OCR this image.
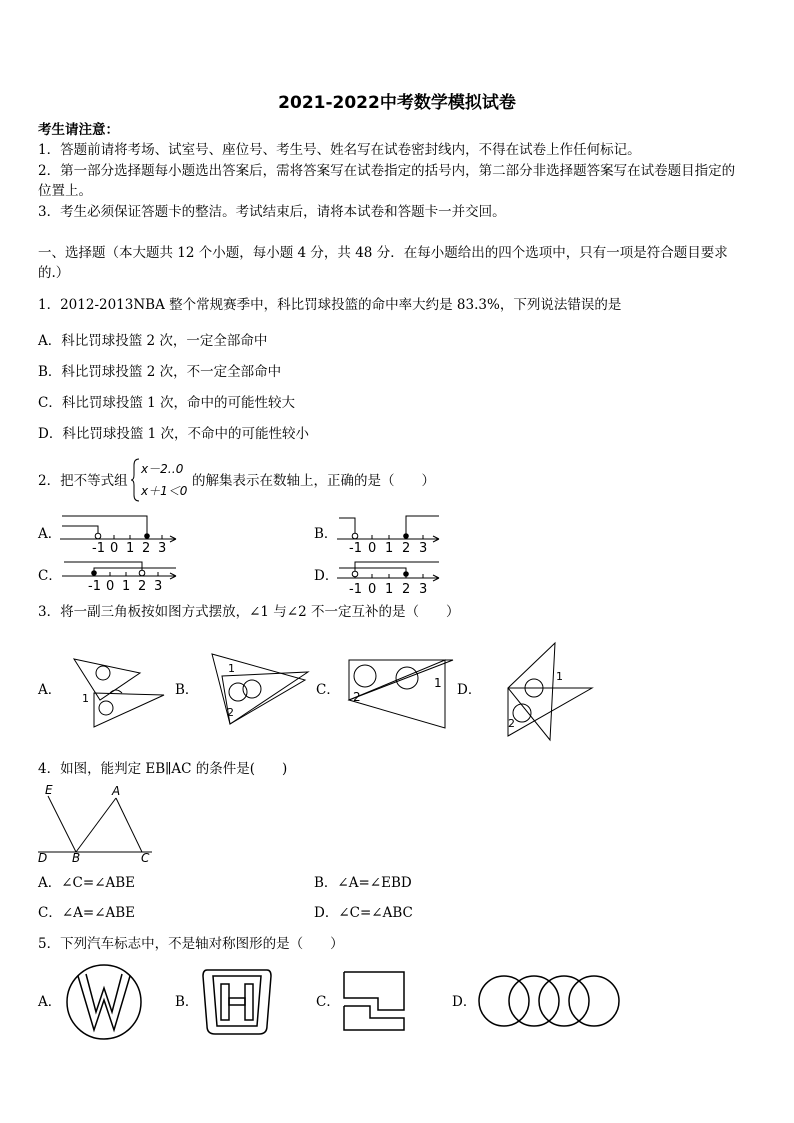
2021-2022中考数学模拟试卷
考生请注意：
1．答题前请将考场、试室号、座位号、考生号、姓名写在试卷密封线内，不得在试卷上作任何标记。
2．第一部分选择题每小题选出答案后，需将答案写在试卷指定的括号内，第二部分非选择题答案写在试卷题目指定的
位置上。
3．考生必须保证答题卡的整洁。考试结束后，请将本试卷和答题卡一并交回。
一、选择题（本大题共 12 个小题，每小题 4 分，共 48 分．在每小题给出的四个选项中，只有一项是符合题目要求
的.）
1．2012-2013NBA 整个常规赛季中，科比罚球投篮的命中率大约是 83.3%，下列说法错误的是
A．科比罚球投篮 2 次，一定全部命中
B．科比罚球投篮 2 次，不一定全部命中
C．科比罚球投篮 1 次，命中的可能性较大
D．科比罚球投篮 1 次，不命中的可能性较小
2．把不等式组
x－2‥0
x＋1＜0
的解集表示在数轴上，正确的是（　　）
A．	B．
C．	D．
-1 0 1 2 3	-1 0 1 2 3
-1 0 1 2 3	-1 0 1 2 3
3．将一副三角板按如图方式摆放，∠1 与∠2 不一定互补的是（　　）
A．	B．	C．	D．
1
1
2
2
1	1
2
4．如图，能判定 EB∥AC 的条件是(　　)
E	A
D B	C
A．∠C=∠ABE	B．∠A=∠EBD
C．∠A=∠ABE	D．∠C=∠ABC
5．下列汽车标志中，不是轴对称图形的是（　　）
A．	B．	C．	D．
